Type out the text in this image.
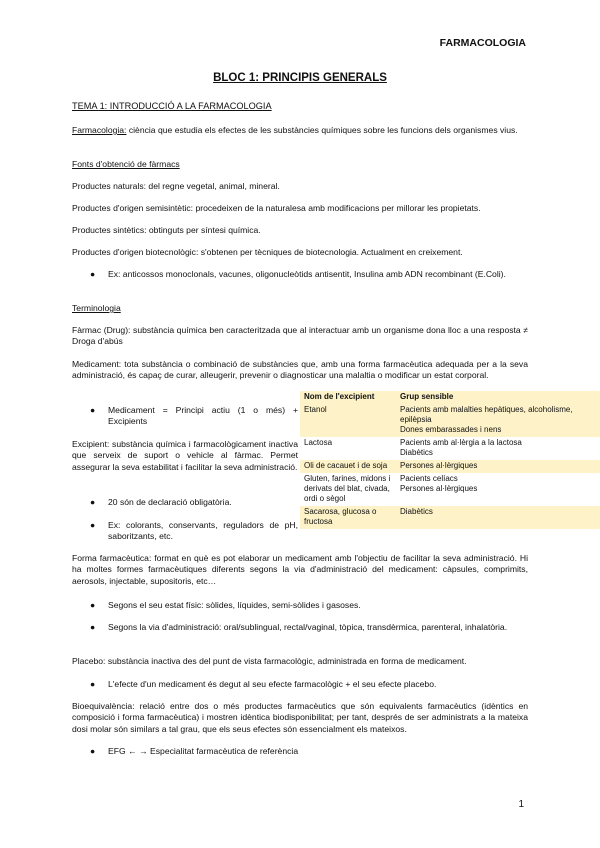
FARMACOLOGIA
BLOC 1: PRINCIPIS GENERALS
TEMA 1: INTRODUCCIÓ A LA FARMACOLOGIA
Farmacologia: ciència que estudia els efectes de les substàncies químiques sobre les funcions dels organismes vius.
Fonts d'obtenció de fàrmacs
Productes naturals: del regne vegetal, animal, mineral.
Productes d'origen semisintètic: procedeixen de la naturalesa amb modificacions per millorar les propietats.
Productes sintètics: obtinguts per síntesi química.
Productes d'origen biotecnològic: s'obtenen per tècniques de biotecnologia. Actualment en creixement.
● Ex: anticossos monoclonals, vacunes, oligonucleòtids antisentit, Insulina amb ADN recombinant (E.Coli).
Terminologia
Fàrmac (Drug): substància química ben caracteritzada que al interactuar amb un organisme dona lloc a una resposta ≠ Droga d'abús
Medicament: tota substància o combinació de substàncies que, amb una forma farmacèutica adequada per a la seva administració, és capaç de curar, alleugerir, prevenir o diagnosticar una malaltia o modificar un estat corporal.
● Medicament = Principi actiu (1 o més) + Excipients
Excipient: substància química i farmacològicament inactiva que serveix de suport o vehicle al fàrmac. Permet assegurar la seva estabilitat i facilitar la seva administració.
● 20 són de declaració obligatòria.
● Ex: colorants, conservants, reguladors de pH, saboritzants, etc.
Nom de l'excipient	Grup sensible
Etanol	Pacients amb malalties hepàtiques, alcoholisme, epilèpsia
Dones embarassades i nens
Lactosa	Pacients amb al·lèrgia a la lactosa
Diabètics
Oli de cacauet i de soja	Persones al·lèrgiques
Gluten, farines, midons i derivats del blat, civada, ordi o sègol	Pacients celíacs
Persones al·lèrgiques
Sacarosa, glucosa o fructosa	Diabètics
Forma farmacèutica: format en què es pot elaborar un medicament amb l'objectiu de facilitar la seva administració. Hi ha moltes formes farmacèutiques diferents segons la via d'administració del medicament: càpsules, comprimits, aerosols, injectable, supositoris, etc…
● Segons el seu estat físic: sòlides, líquides, semi-sòlides i gasoses.
● Segons la via d'administració: oral/sublingual, rectal/vaginal, tòpica, transdèrmica, parenteral, inhalatòria.
Placebo: substància inactiva des del punt de vista farmacològic, administrada en forma de medicament.
● L'efecte d'un medicament és degut al seu efecte farmacològic + el seu efecte placebo.
Bioequivalència: relació entre dos o més productes farmacèutics que són equivalents farmacèutics (idèntics en composició i forma farmacèutica) i mostren idèntica biodisponibilitat; per tant, després de ser administrats a la mateixa dosi molar són similars a tal grau, que els seus efectes són essencialment els mateixos.
● EFG ← → Especialitat farmacèutica de referència
1
